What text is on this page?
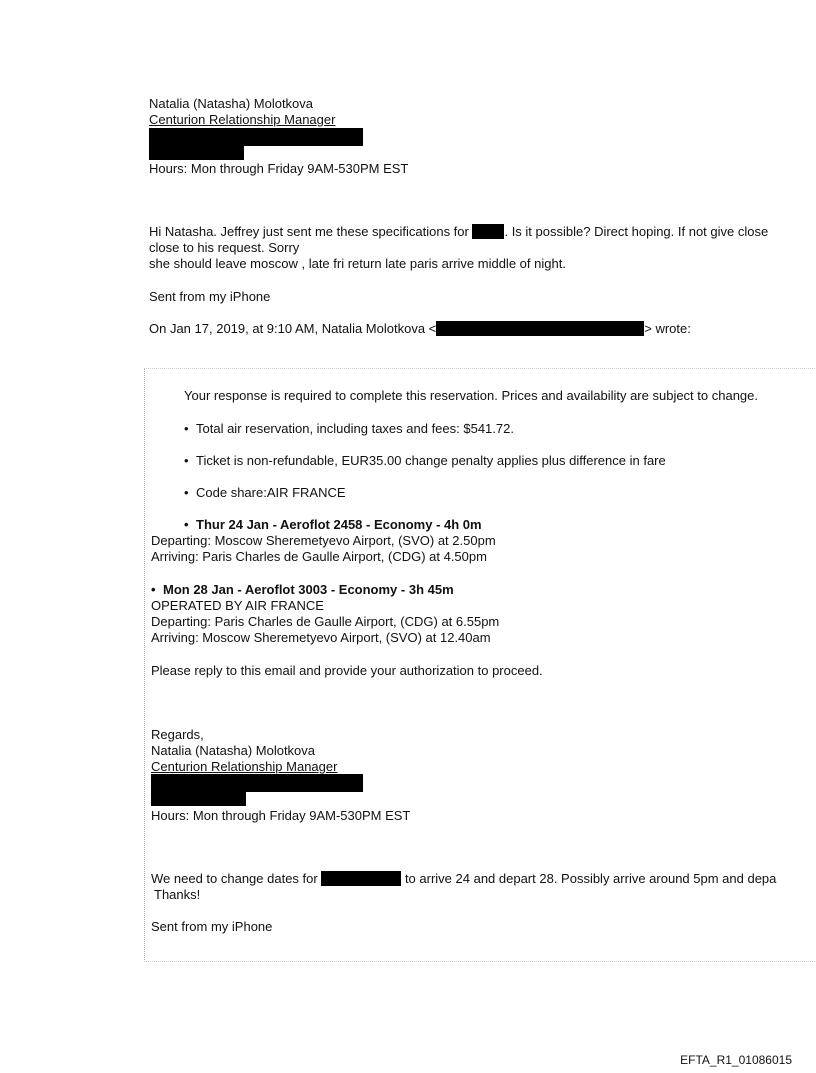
Natalia (Natasha) Molotkova
Centurion Relationship Manager
Hours: Mon through Friday 9AM-530PM EST
Hi Natasha. Jeffrey just sent me these specifications for . Is it possible? Direct hoping. If not give close
close to his request. Sorry
she should leave moscow , late fri return late paris arrive middle of night.
Sent from my iPhone
On Jan 17, 2019, at 9:10 AM, Natalia Molotkova <	> wrote:
Your response is required to complete this reservation. Prices and availability are subject to change.
• Total air reservation, including taxes and fees: $541.72.
• Ticket is non-refundable, EUR35.00 change penalty applies plus difference in fare
• Code share:AIR FRANCE
• Thur 24 Jan - Aeroflot 2458 - Economy - 4h 0m
Departing: Moscow Sheremetyevo Airport, (SVO) at 2.50pm
Arriving: Paris Charles de Gaulle Airport, (CDG) at 4.50pm
• Mon 28 Jan - Aeroflot 3003 - Economy - 3h 45m
OPERATED BY AIR FRANCE
Departing: Paris Charles de Gaulle Airport, (CDG) at 6.55pm
Arriving: Moscow Sheremetyevo Airport, (SVO) at 12.40am
Please reply to this email and provide your authorization to proceed.
Regards,
Natalia (Natasha) Molotkova
Centurion Relationship Manager
Hours: Mon through Friday 9AM-530PM EST
We need to change dates for	to arrive 24 and depart 28. Possibly arrive around 5pm and depa
Thanks!
Sent from my iPhone
EFTA_R1_01086015
